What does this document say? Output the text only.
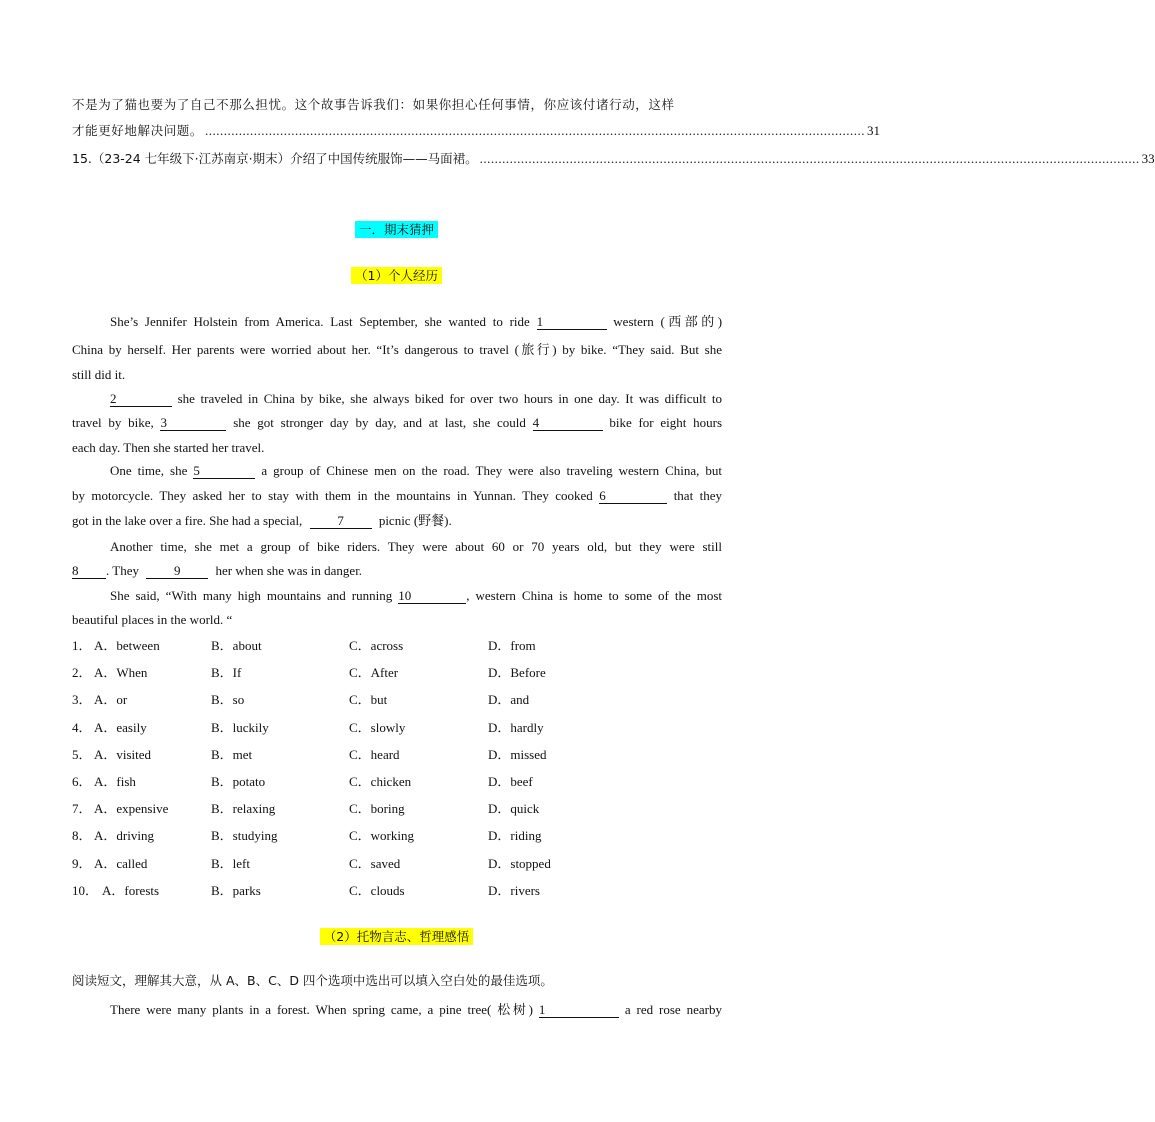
不是为了猫也要为了自己不那么担忧。这个故事告诉我们：如果你担心任何事情，你应该付诸行动，这样
才能更好地解决问题。 ................................................................................................................................................................................ 31
15.（23-24 七年级下·江苏南京·期末）介绍了中国传统服饰——马面裙。 ................................................................................................................................................................................ 33
一．期末猜押
（1）个人经历
She’s Jennifer Holstein from America. Last September, she wanted to ride 1	western (西部的)
China by herself. Her parents were worried about her. “It’s dangerous to travel (旅行) by bike. “They said. But she
still did it.
2	she traveled in China by bike, she always biked for over two hours in one day. It was difficult to
travel by bike, 3	she got stronger day by day, and at last, she could 4	bike for eight hours
each day. Then she started her travel.
One time, she 5	a group of Chinese men on the road. They were also traveling western China, but
by motorcycle. They asked her to stay with them in the mountains in Yunnan. They cooked 6	that they
got in the lake over a fire. She had a special,	7	picnic (野餐).
Another time, she met a group of bike riders. They were about 60 or 70 years old, but they were still
8 . They	9	her when she was in danger.
She said, “With many high mountains and running 10	, western China is home to some of the most
beautiful places in the world. “
1． A．between	B．about	C．across	D．from
2． A．When	B．If	C．After	D．Before
3． A．or	B．so	C．but	D．and
4． A．easily	B．luckily	C．slowly	D．hardly
5． A．visited	B．met	C．heard	D．missed
6． A．fish	B．potato	C．chicken	D．beef
7． A．expensive	B．relaxing	C．boring	D．quick
8． A．driving	B．studying	C．working	D．riding
9． A．called	B．left	C．saved	D．stopped
10． A．forests	B．parks	C．clouds	D．rivers
（2）托物言志、哲理感悟
阅读短文，理解其大意，从 A、B、C、D 四个选项中选出可以填入空白处的最佳选项。
There were many plants in a forest. When spring came, a pine tree( 松树) 1	a red rose nearby
